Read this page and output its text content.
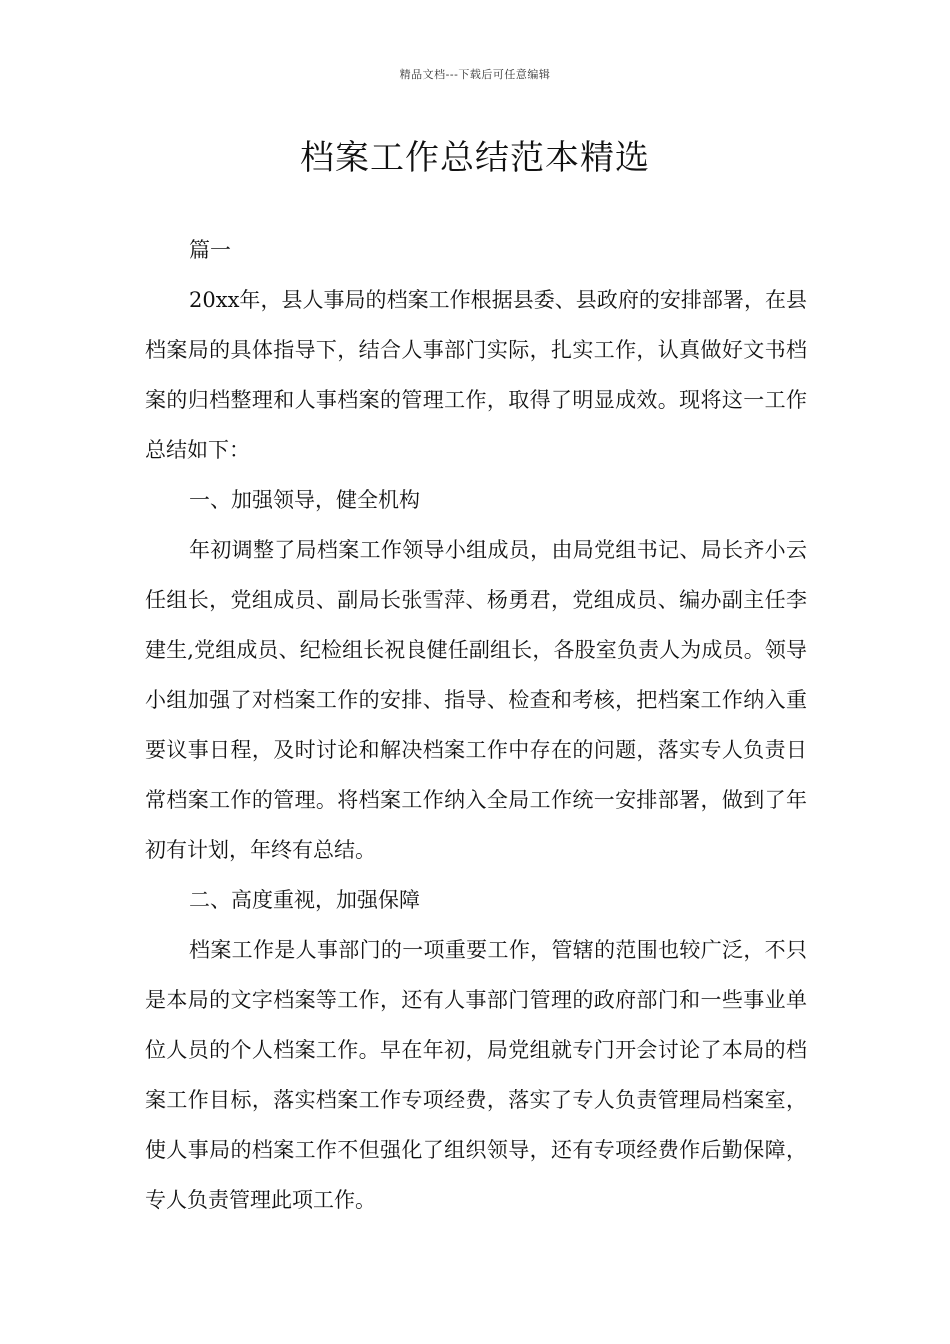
精品文档---下载后可任意编辑
档案工作总结范本精选

篇一

20xx年，县人事局的档案工作根据县委、县政府的安排部署，在县档案局的具体指导下，结合人事部门实际，扎实工作，认真做好文书档案的归档整理和人事档案的管理工作，取得了明显成效。现将这一工作总结如下：

一、加强领导，健全机构

年初调整了局档案工作领导小组成员，由局党组书记、局长齐小云任组长，党组成员、副局长张雪萍、杨勇君，党组成员、编办副主任李建生,党组成员、纪检组长祝良健任副组长，各股室负责人为成员。领导小组加强了对档案工作的安排、指导、检查和考核，把档案工作纳入重要议事日程，及时讨论和解决档案工作中存在的问题，落实专人负责日常档案工作的管理。将档案工作纳入全局工作统一安排部署，做到了年初有计划，年终有总结。

二、高度重视，加强保障

档案工作是人事部门的一项重要工作，管辖的范围也较广泛，不只是本局的文字档案等工作，还有人事部门管理的政府部门和一些事业单位人员的个人档案工作。早在年初，局党组就专门开会讨论了本局的档案工作目标，落实档案工作专项经费，落实了专人负责管理局档案室，使人事局的档案工作不但强化了组织领导，还有专项经费作后勤保障，专人负责管理此项工作。
